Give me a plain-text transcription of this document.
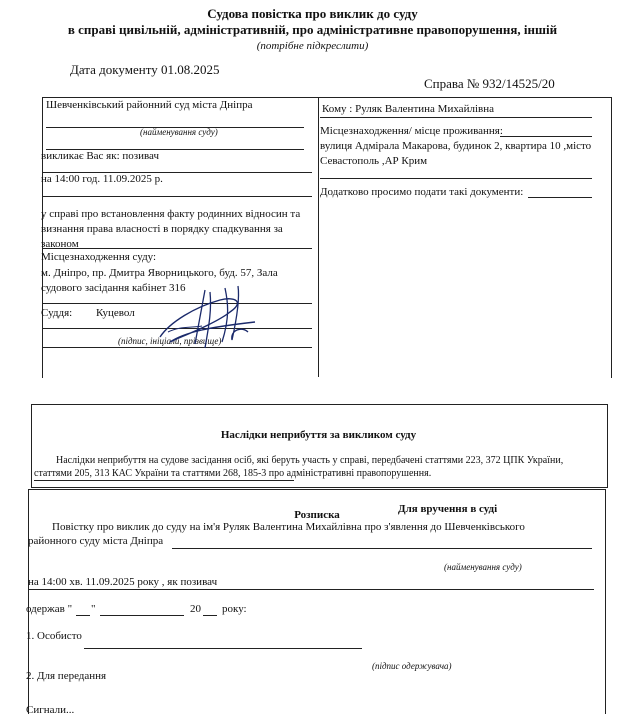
Судова повістка про виклик до суду
в справі цивільній, адміністративній, про адміністративне правопорушення, іншій
(потрібне підкреслити)
Дата документу 01.08.2025
Справа № 932/14525/20
Шевченківський районний суд міста Дніпра
(найменування суду)
викликає Вас як: позивач
на 14:00 год. 11.09.2025 р.
у справі про встановлення факту родинних відносин та визнання права власності в порядку спадкування за законом
Місцезнаходження суду:
м. Дніпро, пр. Дмитра Яворницького, буд. 57, Зала судового засідання кабінет 316
Суддя: Куцевол
(підпис, ініціали, прізвище)
Кому : Руляк Валентина Михайлівна
Місцезнаходження/ місце проживання:
вулиця Адмірала Макарова, будинок 2, квартира 10 ,місто
Севастополь ,АР Крим
Додатково просимо подати такі документи:
Наслідки неприбуття за викликом суду
Наслідки неприбуття на судове засідання осіб, які беруть участь у справі, передбачені статтями 223, 372 ЦПК України,
статтями 205, 313 КАС України та статтями 268, 185-3 про адміністративні правопорушення.
Для вручення в суді
Розписка
Повістку про виклик до суду на ім'я Руляк Валентина Михайлівна про з'явлення до Шевченківського
районного суду міста Дніпра
(найменування суду)
на 14:00 хв. 11.09.2025 року , як позивач
одержав " "	20 року:
1. Особисто
(підпис одержувача)
2. Для передання
Сигнали...
